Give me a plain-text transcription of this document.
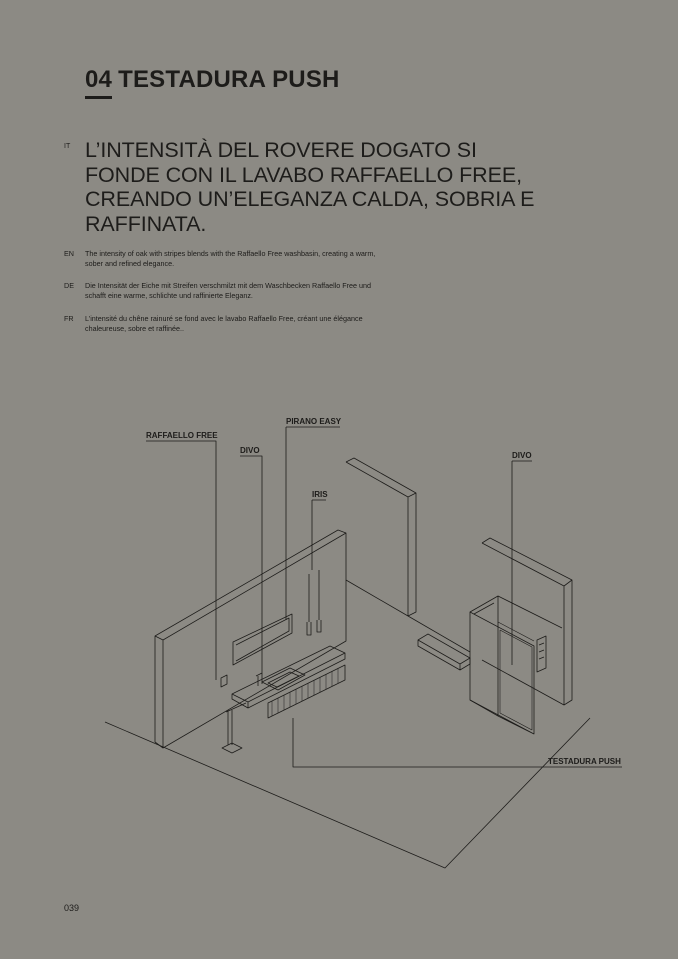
04 TESTADURA PUSH
IT L’INTENSITÀ DEL ROVERE DOGATO SI FONDE CON IL LAVABO RAFFAELLO FREE, CREANDO UN’ELEGANZA CALDA, SOBRIA E RAFFINATA.
EN	The intensity of oak with stripes blends with the Raffaello Free washbasin, creating a warm, sober and refined elegance.
DE	Die Intensität der Eiche mit Streifen verschmilzt mit dem Waschbecken Raffaello Free und schafft eine warme, schlichte und raffinierte Eleganz.
FR	L’intensité du chêne rainuré se fond avec le lavabo Raffaello Free, créant une élégance chaleureuse, sobre et raffinée..
RAFFAELLO FREE
DIVO
PIRANO EASY
IRIS
DIVO
TESTADURA PUSH
039
